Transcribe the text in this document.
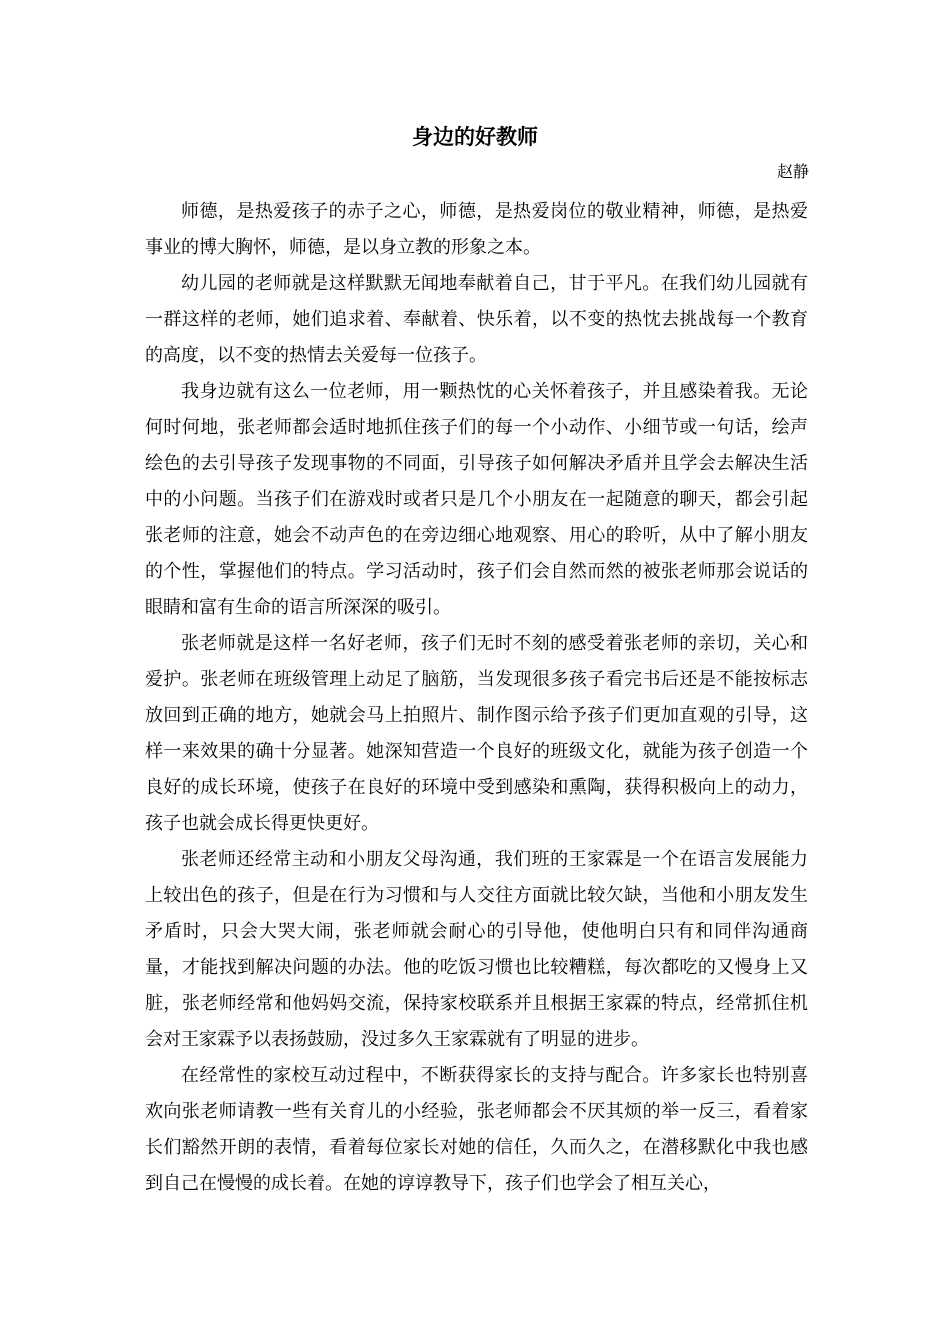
身边的好教师
赵静

师德，是热爱孩子的赤子之心，师德，是热爱岗位的敬业精神，师德，是热爱事业的博大胸怀，师德，是以身立教的形象之本。

幼儿园的老师就是这样默默无闻地奉献着自己，甘于平凡。在我们幼儿园就有一群这样的老师，她们追求着、奉献着、快乐着，以不变的热忱去挑战每一个教育的高度，以不变的热情去关爱每一位孩子。

我身边就有这么一位老师，用一颗热忱的心关怀着孩子，并且感染着我。无论何时何地，张老师都会适时地抓住孩子们的每一个小动作、小细节或一句话，绘声绘色的去引导孩子发现事物的不同面，引导孩子如何解决矛盾并且学会去解决生活中的小问题。当孩子们在游戏时或者只是几个小朋友在一起随意的聊天，都会引起张老师的注意，她会不动声色的在旁边细心地观察、用心的聆听，从中了解小朋友的个性，掌握他们的特点。学习活动时，孩子们会自然而然的被张老师那会说话的眼睛和富有生命的语言所深深的吸引。

张老师就是这样一名好老师，孩子们无时不刻的感受着张老师的亲切，关心和爱护。张老师在班级管理上动足了脑筋，当发现很多孩子看完书后还是不能按标志放回到正确的地方，她就会马上拍照片、制作图示给予孩子们更加直观的引导，这样一来效果的确十分显著。她深知营造一个良好的班级文化，就能为孩子创造一个良好的成长环境，使孩子在良好的环境中受到感染和熏陶，获得积极向上的动力，孩子也就会成长得更快更好。

张老师还经常主动和小朋友父母沟通，我们班的王家霖是一个在语言发展能力上较出色的孩子，但是在行为习惯和与人交往方面就比较欠缺，当他和小朋友发生矛盾时，只会大哭大闹，张老师就会耐心的引导他，使他明白只有和同伴沟通商量，才能找到解决问题的办法。他的吃饭习惯也比较糟糕，每次都吃的又慢身上又脏，张老师经常和他妈妈交流，保持家校联系并且根据王家霖的特点，经常抓住机会对王家霖予以表扬鼓励，没过多久王家霖就有了明显的进步。

在经常性的家校互动过程中，不断获得家长的支持与配合。许多家长也特别喜欢向张老师请教一些有关育儿的小经验，张老师都会不厌其烦的举一反三，看着家长们豁然开朗的表情，看着每位家长对她的信任，久而久之，在潜移默化中我也感到自己在慢慢的成长着。在她的谆谆教导下，孩子们也学会了相互关心，
